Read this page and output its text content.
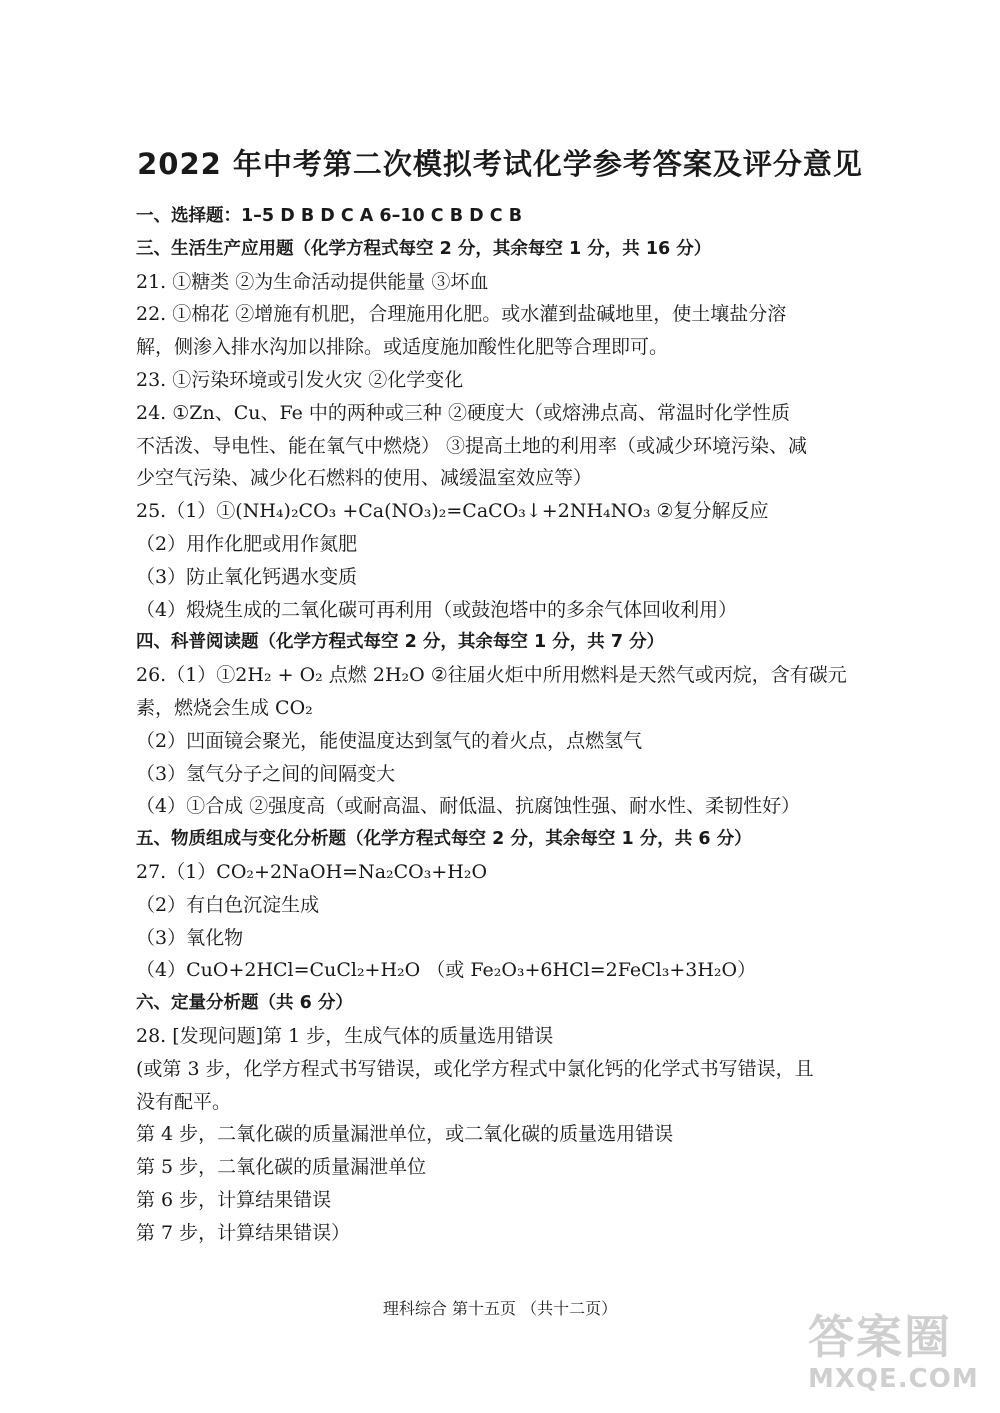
2022 年中考第二次模拟考试化学参考答案及评分意见
一、选择题：1–5 D B D C A 6–10 C B D C B
三、生活生产应用题（化学方程式每空 2 分，其余每空 1 分，共 16 分）
21. ①糖类 ②为生命活动提供能量 ③坏血
22. ①棉花 ②增施有机肥，合理施用化肥。或水灌到盐碱地里，使土壤盐分溶
解，侧渗入排水沟加以排除。或适度施加酸性化肥等合理即可。
23. ①污染环境或引发火灾 ②化学变化
24. ①Zn、Cu、Fe 中的两种或三种 ②硬度大（或熔沸点高、常温时化学性质
不活泼、导电性、能在氧气中燃烧） ③提高土地的利用率（或减少环境污染、减
少空气污染、减少化石燃料的使用、减缓温室效应等）
25.（1）①(NH₄)₂CO₃ +Ca(NO₃)₂=CaCO₃↓+2NH₄NO₃ ②复分解反应
（2）用作化肥或用作氮肥
（3）防止氧化钙遇水变质
（4）煅烧生成的二氧化碳可再利用（或鼓泡塔中的多余气体回收利用）
四、科普阅读题（化学方程式每空 2 分，其余每空 1 分，共 7 分）
26.（1）①2H₂ + O₂ 点燃 2H₂O ②往届火炬中所用燃料是天然气或丙烷，含有碳元
素，燃烧会生成 CO₂
（2）凹面镜会聚光，能使温度达到氢气的着火点，点燃氢气
（3）氢气分子之间的间隔变大
（4）①合成 ②强度高（或耐高温、耐低温、抗腐蚀性强、耐水性、柔韧性好）
五、物质组成与变化分析题（化学方程式每空 2 分，其余每空 1 分，共 6 分）
27.（1）CO₂+2NaOH=Na₂CO₃+H₂O
（2）有白色沉淀生成
（3）氧化物
（4）CuO+2HCl=CuCl₂+H₂O （或 Fe₂O₃+6HCl=2FeCl₃+3H₂O）
六、定量分析题（共 6 分）
28. [发现问题]第 1 步，生成气体的质量选用错误
(或第 3 步，化学方程式书写错误，或化学方程式中氯化钙的化学式书写错误，且
没有配平。
第 4 步，二氧化碳的质量漏泄单位，或二氧化碳的质量选用错误
第 5 步，二氧化碳的质量漏泄单位
第 6 步，计算结果错误
第 7 步，计算结果错误）
理科综合 第十五页 （共十二页）
答案圈
MXQE.COM
